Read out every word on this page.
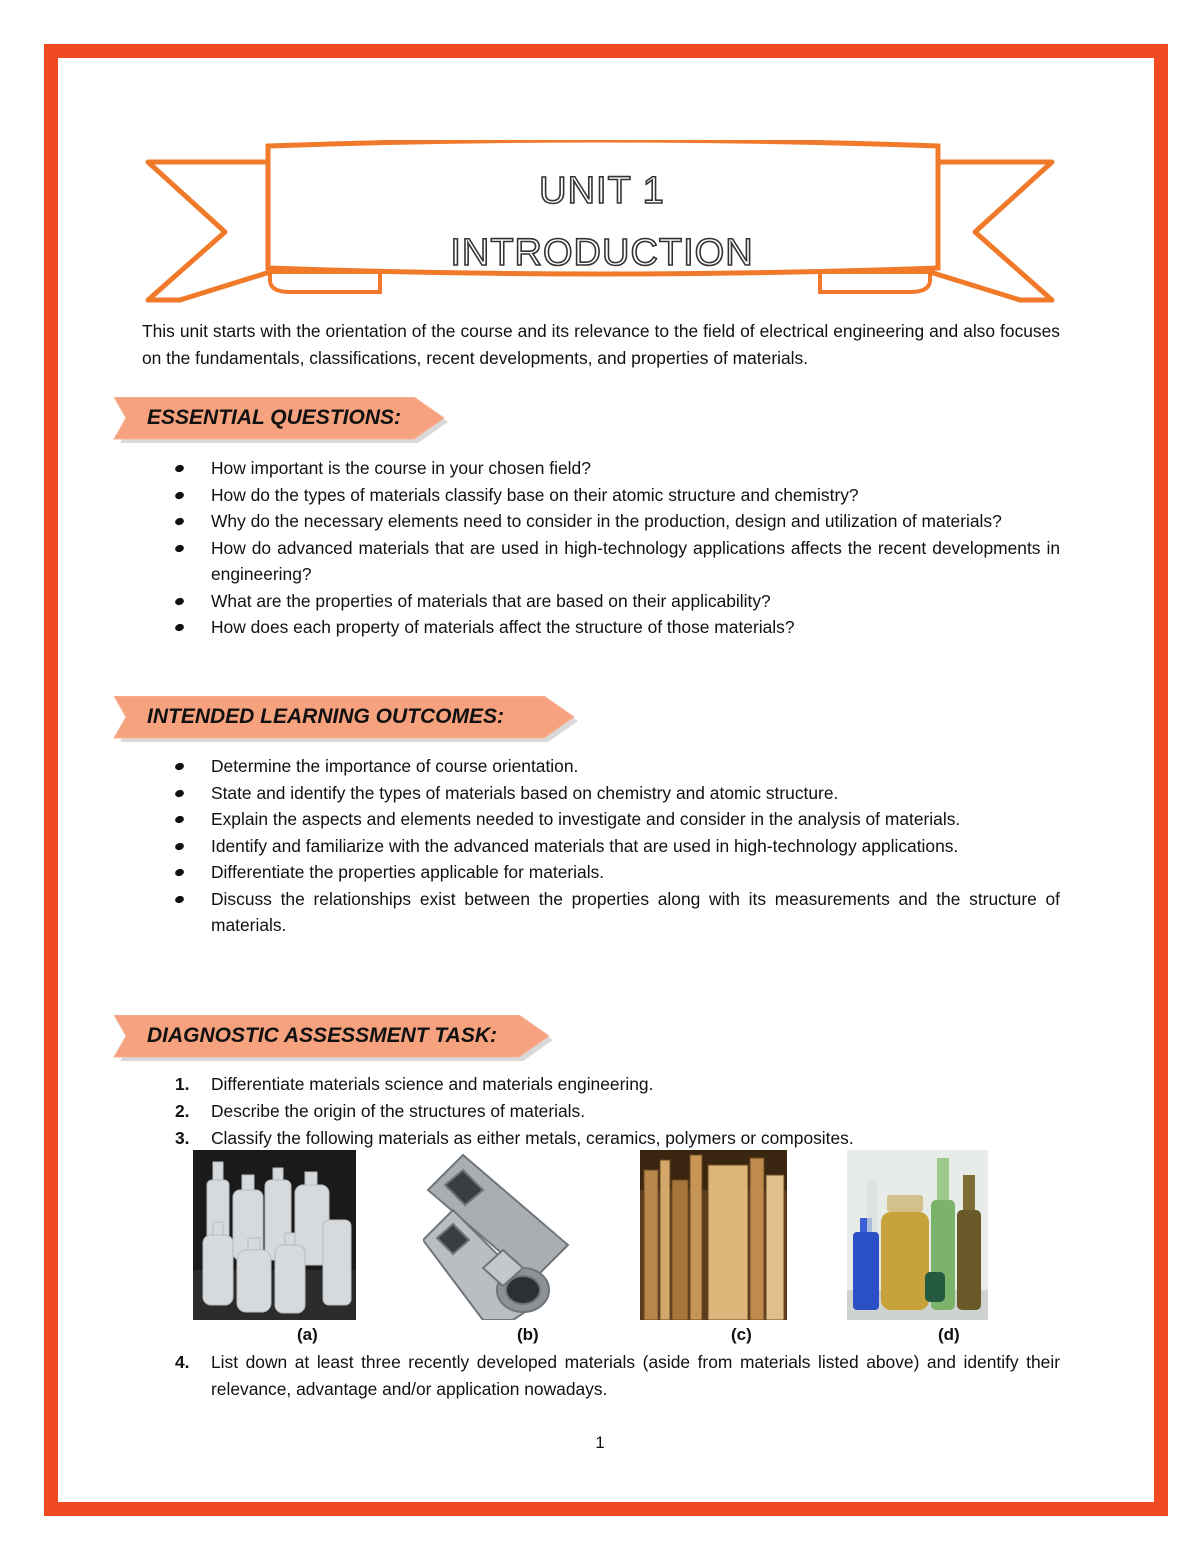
UNIT 1
INTRODUCTION

This unit starts with the orientation of the course and its relevance to the field of electrical engineering and also focuses on the fundamentals, classifications, recent developments, and properties of materials.

ESSENTIAL QUESTIONS:
How important is the course in your chosen field?
How do the types of materials classify base on their atomic structure and chemistry?
Why do the necessary elements need to consider in the production, design and utilization of materials?
How do advanced materials that are used in high-technology applications affects the recent developments in engineering?
What are the properties of materials that are based on their applicability?
How does each property of materials affect the structure of those materials?
INTENDED LEARNING OUTCOMES:
Determine the importance of course orientation.
State and identify the types of materials based on chemistry and atomic structure.
Explain the aspects and elements needed to investigate and consider in the analysis of materials.
Identify and familiarize with the advanced materials that are used in high-technology applications.
Differentiate the properties applicable for materials.
Discuss the relationships exist between the properties along with its measurements and the structure of materials.
DIAGNOSTIC ASSESSMENT TASK:
1. Differentiate materials science and materials engineering.
2. Describe the origin of the structures of materials.
3. Classify the following materials as either metals, ceramics, polymers or composites.
(a)	(b)	(c)	(d)
4. List down at least three recently developed materials (aside from materials listed above) and identify their relevance, advantage and/or application nowadays.
1
